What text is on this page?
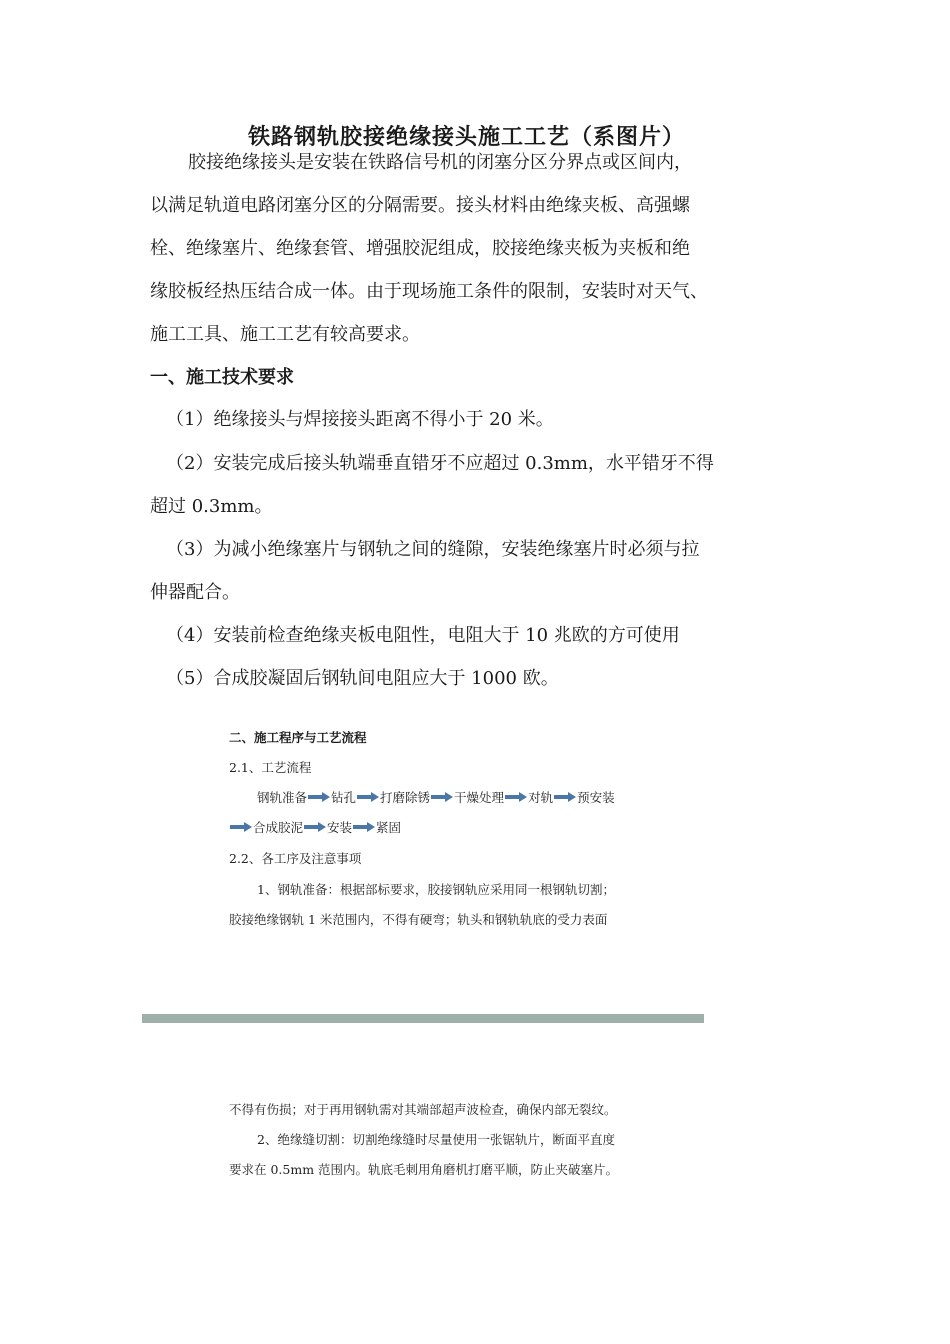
铁路钢轨胶接绝缘接头施工工艺（系图片）
胶接绝缘接头是安装在铁路信号机的闭塞分区分界点或区间内，
以满足轨道电路闭塞分区的分隔需要。接头材料由绝缘夹板、高强螺
栓、绝缘塞片、绝缘套管、增强胶泥组成，胶接绝缘夹板为夹板和绝
缘胶板经热压结合成一体。由于现场施工条件的限制，安装时对天气、
施工工具、施工工艺有较高要求。
一、施工技术要求
（1）绝缘接头与焊接接头距离不得小于 20 米。
（2）安装完成后接头轨端垂直错牙不应超过 0.3mm，水平错牙不得
超过 0.3mm。
（3）为减小绝缘塞片与钢轨之间的缝隙，安装绝缘塞片时必须与拉
伸器配合。
（4）安装前检查绝缘夹板电阻性，电阻大于 10 兆欧的方可使用
（5）合成胶凝固后钢轨间电阻应大于 1000 欧。
二、施工程序与工艺流程
2.1、工艺流程
钢轨准备 钻孔 打磨除锈 干燥处理 对轨 预安装
合成胶泥 安装 紧固
2.2、各工序及注意事项
1、钢轨准备：根据部标要求，胶接钢轨应采用同一根钢轨切割；
胶接绝缘钢轨 1 米范围内，不得有硬弯；轨头和钢轨轨底的受力表面
不得有伤损；对于再用钢轨需对其端部超声波检查，确保内部无裂纹。
2、绝缘缝切割：切割绝缘缝时尽量使用一张锯轨片，断面平直度
要求在 0.5mm 范围内。轨底毛刺用角磨机打磨平顺，防止夹破塞片。
